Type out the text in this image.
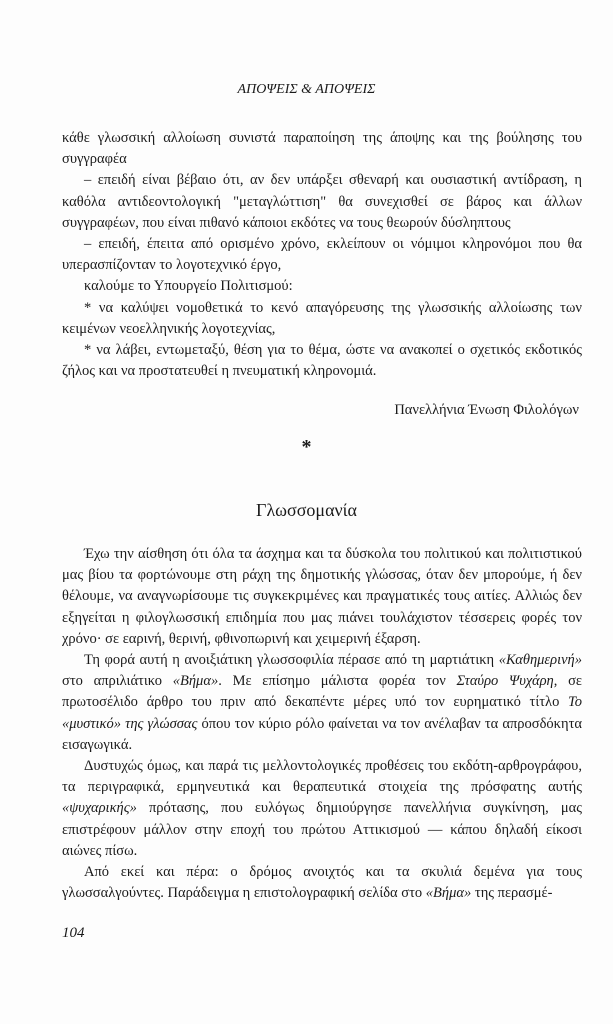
ΑΠΟΨΕΙΣ & ΑΠΟΨΕΙΣ

κάθε γλωσσική αλλοίωση συνιστά παραποίηση της άποψης και της βούλησης του συγγραφέα

– επειδή είναι βέβαιο ότι, αν δεν υπάρξει σθεναρή και ουσιαστική αντίδραση, η καθόλα αντιδεοντολογική "μεταγλώττιση" θα συνεχισθεί σε βάρος και άλλων συγγραφέων, που είναι πιθανό κάποιοι εκδότες να τους θεωρούν δύσληπτους

– επειδή, έπειτα από ορισμένο χρόνο, εκλείπουν οι νόμιμοι κληρονόμοι που θα υπερασπίζονταν το λογοτεχνικό έργο,

καλούμε το Υπουργείο Πολιτισμού:

* να καλύψει νομοθετικά το κενό απαγόρευσης της γλωσσικής αλλοίωσης των κειμένων νεοελληνικής λογοτεχνίας,

* να λάβει, εντωμεταξύ, θέση για το θέμα, ώστε να ανακοπεί ο σχετικός εκδοτικός ζήλος και να προστατευθεί η πνευματική κληρονομιά.

Πανελλήνια Ένωση Φιλολόγων
*
Γλωσσομανία

Έχω την αίσθηση ότι όλα τα άσχημα και τα δύσκολα του πολιτικού και πολιτιστικού μας βίου τα φορτώνουμε στη ράχη της δημοτικής γλώσσας, όταν δεν μπορούμε, ή δεν θέλουμε, να αναγνωρίσουμε τις συγκεκριμένες και πραγματικές τους αιτίες. Αλλιώς δεν εξηγείται η φιλογλωσσική επιδημία που μας πιάνει τουλάχιστον τέσσερεις φορές τον χρόνο· σε εαρινή, θερινή, φθινοπωρινή και χειμερινή έξαρση.

Τη φορά αυτή η ανοιξιάτικη γλωσσοφιλία πέρασε από τη μαρτιάτικη «Καθημερινή» στο απριλιάτικο «Βήμα». Με επίσημο μάλιστα φορέα τον Σταύρο Ψυχάρη, σε πρωτοσέλιδο άρθρο του πριν από δεκαπέντε μέρες υπό τον ευρηματικό τίτλο Το «μυστικό» της γλώσσας όπου τον κύριο ρόλο φαίνεται να τον ανέλαβαν τα απροσδόκητα εισαγωγικά.

Δυστυχώς όμως, και παρά τις μελλοντολογικές προθέσεις του εκδότη-αρθρογράφου, τα περιγραφικά, ερμηνευτικά και θεραπευτικά στοιχεία της πρόσφατης αυτής «ψυχαρικής» πρότασης, που ευλόγως δημιούργησε πανελλήνια συγκίνηση, μας επιστρέφουν μάλλον στην εποχή του πρώτου Αττικισμού — κάπου δηλαδή είκοσι αιώνες πίσω.

Από εκεί και πέρα: ο δρόμος ανοιχτός και τα σκυλιά δεμένα για τους γλωσσαλγούντες. Παράδειγμα η επιστολογραφική σελίδα στο «Βήμα» της περασμέ-

104
